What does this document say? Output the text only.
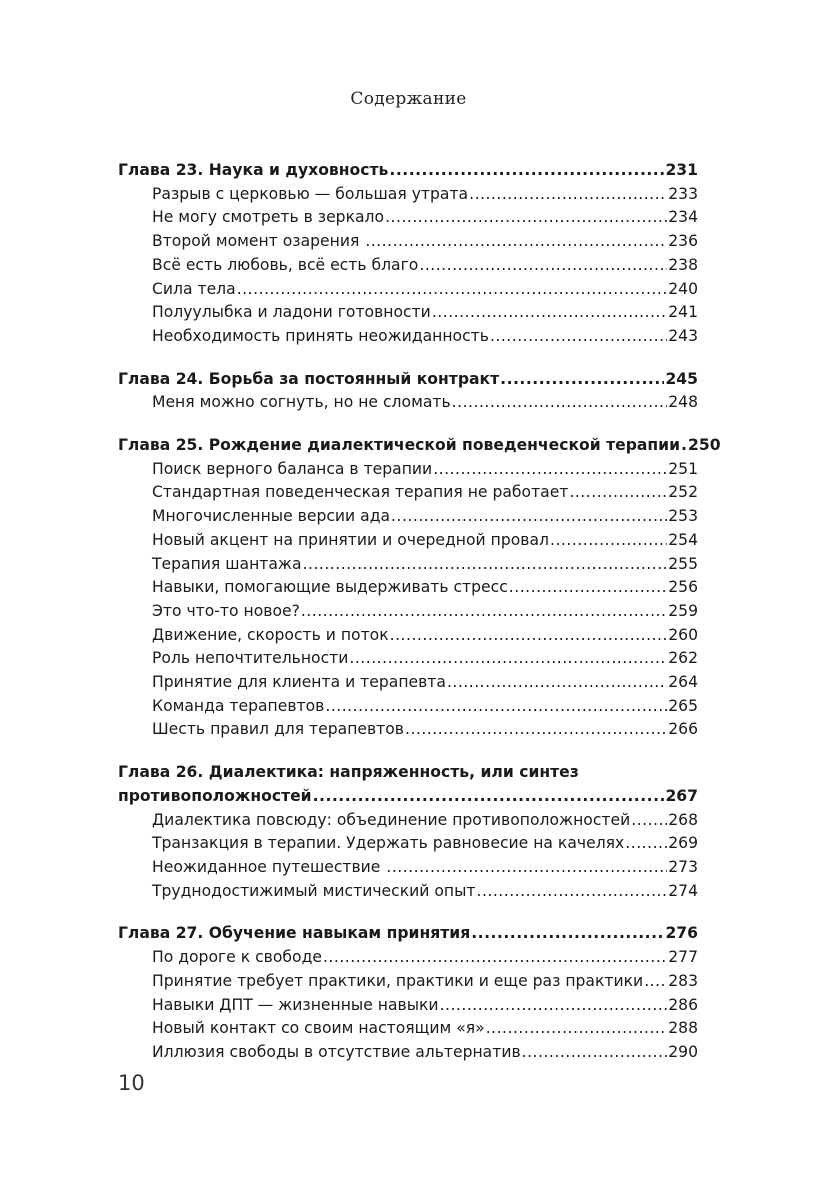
Содержание
Глава 23. Наука и духовность .....	231
Разрыв с церковью — большая утрата .....	233
Не могу смотреть в зеркало .....	234
Второй момент озарения .....	236
Всё есть любовь, всё есть благо .....	238
Сила тела .....	240
Полуулыбка и ладони готовности .....	241
Необходимость принять неожиданность .....	243
Глава 24. Борьба за постоянный контракт .....	245
Меня можно согнуть, но не сломать .....	248
Глава 25. Рождение диалектической поведенческой терапии ..... 250
Поиск верного баланса в терапии .....	251
Стандартная поведенческая терапия не работает .....	252
Многочисленные версии ада .....	253
Новый акцент на принятии и очередной провал .....	254
Терапия шантажа .....	255
Навыки, помогающие выдерживать стресс .....	256
Это что-то новое? .....	259
Движение, скорость и поток .....	260
Роль непочтительности .....	262
Принятие для клиента и терапевта .....	264
Команда терапевтов .....	265
Шесть правил для терапевтов .....	266
Глава 26. Диалектика: напряженность, или синтез
противоположностей .....	267
Диалектика повсюду: объединение противоположностей ..... 268
Транзакция в терапии. Удержать равновесие на качелях .....	269
Неожиданное путешествие .....	273
Труднодостижимый мистический опыт .....	274
Глава 27. Обучение навыкам принятия .....	276
По дороге к свободе .....	277
Принятие требует практики, практики и еще раз практики ..... 283
Навыки ДПТ — жизненные навыки .....	286
Новый контакт со своим настоящим «я» .....	288
Иллюзия свободы в отсутствие альтернатив .....	290
10
